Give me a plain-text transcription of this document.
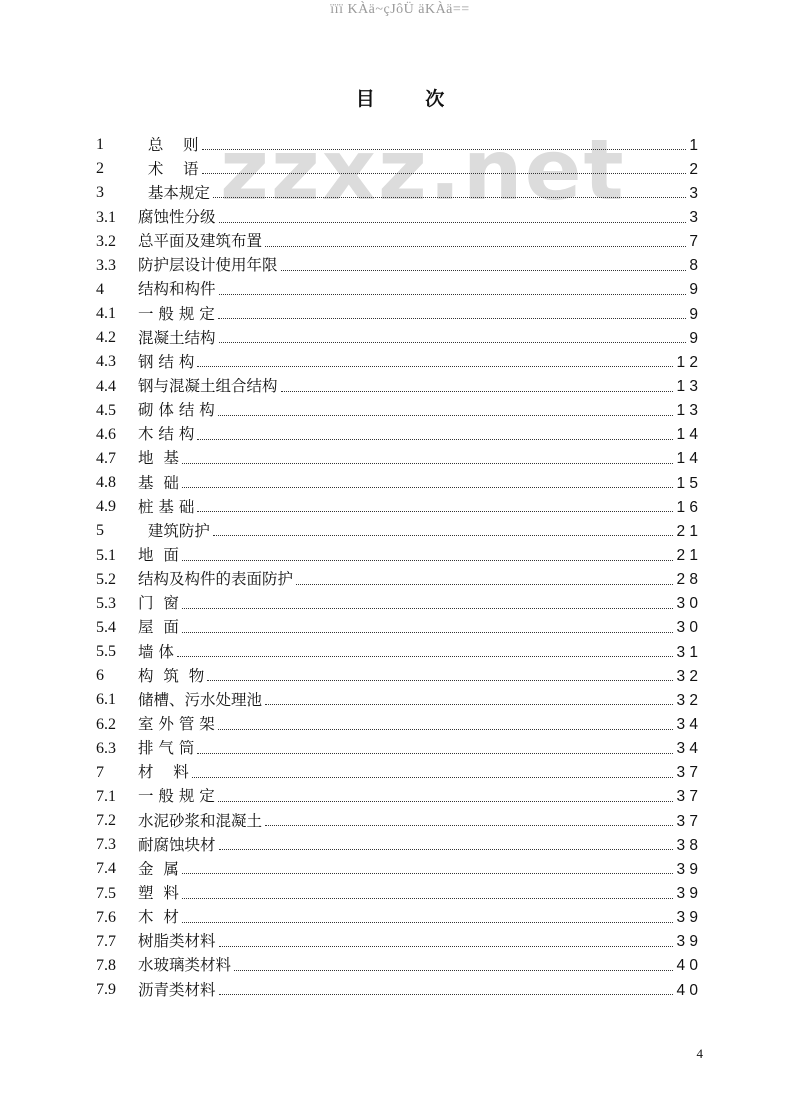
ïïï KÀä~çJôÜ äKÀä==
zzxz.net
目 次
1	总    则	1
2	术    语	2
3	基本规定	3
3.1	腐蚀性分级	3
3.2	总平面及建筑布置	7
3.3	防护层设计使用年限	8
4	结构和构件	9
4.1	一 般 规 定	9
4.2	混凝土结构	9
4.3	钢 结 构	1 2
4.4	钢与混凝土组合结构	1 3
4.5	砌 体 结 构	1 3
4.6	木 结 构	1 4
4.7	地  基	1 4
4.8	基  础	1 5
4.9	桩 基 础	1 6
5	建筑防护	2 1
5.1	地  面	2 1
5.2	结构及构件的表面防护	2 8
5.3	门  窗	3 0
5.4	屋  面	3 0
5.5	墙 体	3 1
6	构  筑  物	3 2
6.1	储槽、污水处理池	3 2
6.2	室 外 管 架	3 4
6.3	排 气 筒	3 4
7	材    料	3 7
7.1	一 般 规 定	3 7
7.2	水泥砂浆和混凝土	3 7
7.3	耐腐蚀块材	3 8
7.4	金  属	3 9
7.5	塑  料	3 9
7.6	木  材	3 9
7.7	树脂类材料	3 9
7.8	水玻璃类材料	4 0
7.9	沥青类材料	4 0
4
